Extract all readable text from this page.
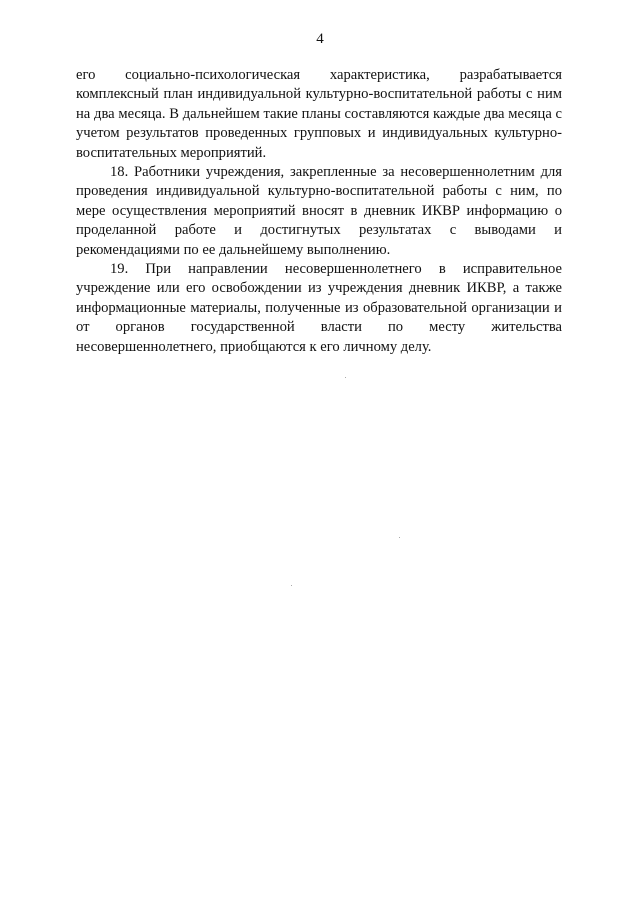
4

его социально-психологическая характеристика, разрабатывается комплексный план индивидуальной культурно-воспитательной работы с ним на два месяца. В дальнейшем такие планы составляются каждые два месяца с учетом результатов проведенных групповых и индивидуальных культурно-воспитательных мероприятий.

18. Работники учреждения, закрепленные за несовершеннолетним для проведения индивидуальной культурно-воспитательной работы с ним, по мере осуществления мероприятий вносят в дневник ИКВР информацию о проделанной работе и достигнутых результатах с выводами и рекомендациями по ее дальнейшему выполнению.

19. При направлении несовершеннолетнего в исправительное учреждение или его освобождении из учреждения дневник ИКВР, а также информационные материалы, полученные из образовательной организации и от органов государственной власти по месту жительства несовершеннолетнего, приобщаются к его личному делу.
